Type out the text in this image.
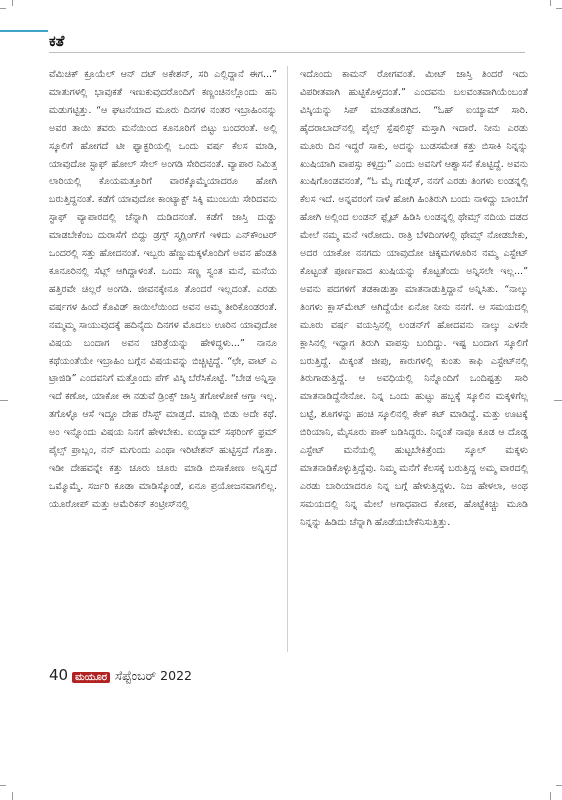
ಕತೆ

ವೆಮಿಚಿಕ್ ಕ್ರೂಯೆಲ್ ಆನ್ ದಟ್ ಅಕೇಶನ್, ಸರಿ ಎಲ್ಲಿದ್ದಾನೆ ಈಗ...” ಮಾತುಗಳಲ್ಲಿ ಭಾವುಕತೆ ಇಣುಕುವುದರೊಂದಿಗೆ ಕಣ್ಣಂಚಿನಲ್ಲೊಂದು ಹನಿ ಮಡುಗಟ್ಟಿತ್ತು. “ಆ ಘಟನೆಯಾದ ಮೂರು ದಿನಗಳ ನಂತರ ಇಬ್ರಾಹಿಂನನ್ನು ಅವರ ತಾಯಿ ತವರು ಮನೆಯಿಂದ ಕೂನೂರಿಗೆ ಬಿಟ್ಟು ಬಂದರಂತೆ. ಅಲ್ಲಿ ಸ್ಕೂಲಿಗೆ ಹೋಗದೆ ಟೀ ಫ್ಯಾಕ್ಟರಿಯಲ್ಲಿ ಒಂದು ವರ್ಷ ಕೆಲಸ ಮಾಡಿ, ಯಾವುದೋ ಸ್ಟಾಫ್ ಹೋಲ್ ಸೇಲ್ ಅಂಗಡಿ ಸೇರಿದನಂತೆ. ವ್ಯಾಪಾರ ನಿಮಿತ್ತ ಲಾರಿಯಲ್ಲಿ ಕೊಯಮತ್ತೂರಿಗೆ ವಾರಕ್ಕೊಮ್ಮೆಯಾದರೂ ಹೋಗಿ ಬರುತ್ತಿದ್ದನಂತೆ. ಕಡೆಗೆ ಯಾವುದೋ ಕಾಂಟ್ಯಾಕ್ಟ್ ಸಿಕ್ಕಿ ಮುಂಬಯಿ ಸೇರಿದವನು ಸ್ಟಾಫ್ ವ್ಯಾಪಾರದಲ್ಲಿ ಚೆನ್ನಾಗಿ ದುಡಿದನಂತೆ. ಕಡೆಗೆ ಜಾಸ್ತಿ ದುಡ್ಡು ಮಾಡಬೇಕೆಂಬ ದುರಾಸೆಗೆ ಬಿದ್ದು ಡ್ರಗ್ಸ್ ಸ್ಮಗ್ಲಿಂಗ್‌ಗೆ ಇಳಿದು ಎನ್‌ಕೌಂಟರ್ ಒಂದರಲ್ಲಿ ಸತ್ತು ಹೋದನಂತೆ. ಇಬ್ಬರು ಹೆಣ್ಣುಮಕ್ಕಳೊಂದಿಗೆ ಅವನ ಹೆಂಡತಿ ಕೂನೂರಿನಲ್ಲಿ ಸೆಟ್ಲ್ ಆಗಿದ್ದಾಳಂತೆ. ಒಂದು ಸಣ್ಣ ಸ್ವಂತ ಮನೆ, ಮನೆಯ ಹತ್ತಿರವೇ ಚಿಲ್ಲರೆ ಅಂಗಡಿ. ಜೀವನಕ್ಕೇನೂ ತೊಂದರೆ ಇಲ್ಲದಂತೆ. ಎರಡು ವರ್ಷಗಳ ಹಿಂದೆ ಕೊವಿಡ್ ಕಾಯಿಲೆಯಿಂದ ಅವನ ಅಮ್ಮ ತೀರಿಕೊಂಡರಂತೆ. ನಮ್ಮಮ್ಮ ಸಾಯುವುದಕ್ಕೆ ಹದಿನೈದು ದಿನಗಳ ಮೊದಲು ಊರಿನ ಯಾವುದೋ ವಿಷಯ ಬಂದಾಗ ಅವನ ಚರಿತ್ರೆಯನ್ನು ಹೇಳಿದ್ದಳು...” ನಾನೂ ಕಥೆಯಂತೆಯೇ ಇಬ್ರಾಹಿಂ ಬಗ್ಗೆನ ವಿಷಯವನ್ನು ಬಿಚ್ಚಿಟ್ಟಿದ್ದೆ. “ಛೇ, ವಾಟ್ ಎ ಟ್ರಾಜಿಡಿ” ಎಂದವನಿಗೆ ಮತ್ತೊಂದು ಪೆಗ್ ವಿಸ್ಕಿ ಬೆರೆಸಿಕೊಟ್ಟೆ. “ಬೇಡ ಅನ್ನಿಸ್ತಾ ಇದೆ ಕಣೋ, ಯಾಕೋ ಈ ನಡುವೆ ಡ್ರಿಂಕ್ಸ್ ಜಾಸ್ತಿ ತಗೋಳೋಕೆ ಆಗ್ತಾ ಇಲ್ಲ. ತಗೊಳ್ಳೊ ಆಸೆ ಇದ್ದೂ ದೇಹ ರೆಸಿಸ್ಟ್ ಮಾಡ್ತದೆ. ಮಾಡ್ಲಿ ಬಿಡು ಅದೇ ಕಥೆ. ಅಂ ಇನ್ನೊಂದು ವಿಷಯ ನಿನಗೆ ಹೇಳಬೇಕು. ಐಯ್ಯಾಮ್ ಸಫರಿಂಗ್ ಫ್ರಮ್ ಪೈಲ್ಸ್ ಪ್ರಾಬ್ಲಂ, ನನ್ ಮಗುಂದು ಎಂಥಾ ಇರಿಟೇಶನ್ ಹುಟ್ಟಿಸ್ತದೆ ಗೊತ್ತಾ. ಇಡೀ ದೇಹವನ್ನೇ ಕತ್ತು ಚೂರು ಚೂರು ಮಾಡಿ ಬಿಸಾಕೋಣ ಅನ್ನಿಸ್ತದೆ ಒಮ್ಮೊಮ್ಮೆ. ಸರ್ಜರಿ ಕೂಡಾ ಮಾಡಿಸ್ಕೊಂಡೆ, ಏನೂ ಪ್ರಯೋಜನವಾಗಲಿಲ್ಲ. ಯೂರೋಪ್ ಮತ್ತು ಅಮೆರಿಕನ್ ಕಂಟ್ರೀಸ್‌ನಲ್ಲಿ

ಇದೊಂದು ಕಾಮನ್ ರೋಗವಂತೆ. ಮೀಟ್ ಜಾಸ್ತಿ ತಿಂದರೆ ಇದು ವಿಪರೀತವಾಗಿ ಹುಟ್ಟಿಕೊಳ್ತದಂತೆ.” ಎಂದವನು ಬಲವಂತವಾಗಿಯೆಂಬಂತೆ ವಿಸ್ಕಿಯನ್ನು ಸಿಪ್ ಮಾಡತೊಡಗಿದ. “ಓಹ್ ಐಯ್ಯಾಮ್ ಸಾರಿ. ಹೈದರಾಬಾದ್‌ನಲ್ಲಿ ಪೈಲ್ಸ್ ಸ್ಪೆಷಲಿಸ್ಟ್ ಮಸ್ತಾಗಿ ಇದಾರೆ. ನೀನು ಎರಡು ಮೂರು ದಿನ ಇದ್ದರೆ ಸಾಕು, ಅದನ್ನು ಬುಡಸಮೇತ ಕತ್ತು ಬಿಸಾಕಿ ನಿನ್ನನ್ನು ಖುಷಿಯಾಗಿ ವಾಪಸ್ಸು ಕಳ್ಸಿದ್ರು” ಎಂದು ಅವನಿಗೆ ಆಶ್ವಾಸನೆ ಕೊಟ್ಟಿದ್ದೆ. ಅವನು ಖುಷಿಗೊಂಡವನಂತೆ, “ಓ ಮೈ ಗುಡ್ನೆಸ್, ನನಗೆ ಎರಡು ತಿಂಗಳು ಲಂಡನ್ನಲ್ಲಿ ಕೆಲಸ ಇದೆ. ಅನ್ನವರಂಗೆ ನಾಳೆ ಹೋಗಿ ಹಿಂತಿರುಗಿ ಬಂದು ನಾಳಿದ್ದು ಬಾಂಬೆಗೆ ಹೋಗಿ ಅಲ್ಲಿಂದ ಲಂಡನ್ ಫ್ಲೈಟ್ ಹಿಡಿಸಿ ಲಂಡನ್ನಲ್ಲಿ ಥೇಮ್ಸ್ ನದಿಯ ದಡದ ಮೇಲೆ ನಮ್ಮ ಮನೆ ಇರೋದು. ರಾತ್ರಿ ಬೆಳದಿಂಗಳಲ್ಲಿ ಥೇಮ್ಸ್ ನೋಡಬೇಕು, ಅದರ ಯಾಕೋ ನನಗದು ಯಾವುದೋ ಚಿಕ್ಕಮಗಳೂರಿನ ನಮ್ಮ ಎಸ್ಟೇಟ್ ಕೊಟ್ಟಂತೆ ಪೂರ್ಣವಾದ ಖುಷಿಯನ್ನು ಕೊಟ್ಟತೆಂದು ಅನ್ನಿಸಲೇ ಇಲ್ಲ...” ಅವನು ಪದಗಳಿಗೆ ತಡಕಾಡುತ್ತಾ ಮಾತನಾಡುತ್ತಿದ್ದಾನೆ ಅನ್ನಿಸಿತು. “ನಾಲ್ಕು ತಿಂಗಳು ಕ್ಲಾಸ್‌ಮೇಟ್ ಆಗಿದ್ದೆಯೇ ಏನೋ ನೀನು ನನಗೆ. ಆ ಸಮಯದಲ್ಲಿ ಮೂರು ವರ್ಷ ವಯಸ್ಸಿನಲ್ಲಿ ಲಂಡನ್‌ಗೆ ಹೋದವನು ನಾಲ್ಕು ಎಳನೇ ಕ್ಲಾಸಿನಲ್ಲಿ ಇದ್ದಾಗ ತಿರುಗಿ ವಾಪಸ್ಸು ಬಂದಿದ್ದು. ಇಷ್ಟ ಬಂದಾಗ ಸ್ಕೂಲಿಗೆ ಬರುತ್ತಿದ್ದೆ. ಮಿಕ್ಕಂತೆ ಜೀಪು, ಕಾರುಗಳಲ್ಲಿ ಕುಂತು ಕಾಫಿ ಎಸ್ಟೇಟ್‌ನಲ್ಲಿ ತಿರುಗಾಡುತ್ತಿದ್ದೆ. ಆ ಅವಧಿಯಲ್ಲಿ ನಿನ್ನೊಂದಿಗೆ ಒಂದಿಷ್ಟತ್ತು ಸಾರಿ ಮಾತನಾಡಿದ್ದೆನೇನೋ. ನಿನ್ನ ಒಂದು ಹುಟ್ಟು ಹಬ್ಬಕ್ಕೆ ಸ್ಕೂಲಿನ ಮಕ್ಕಳಿಗೆಲ್ಲ ಬಟ್ಟೆ, ಶೂಗಳನ್ನು ಹಂಚಿ ಸ್ಕೂಲಿನಲ್ಲಿ ಕೇಕ್ ಕಟ್ ಮಾಡಿದ್ದೆ. ಮತ್ತು ಊಟಕ್ಕೆ ಬಿರಿಯಾನಿ, ಮೈಸೂರು ಪಾಕ್ ಬಡಿಸಿದ್ದರು. ನಿನ್ನಂತೆ ನಾವೂ ಕೂಡ ಆ ದೊಡ್ಡ ಎಸ್ಟೇಟ್ ಮನೆಯಲ್ಲಿ ಹುಟ್ಟಬೇಕಿತ್ತೆಂದು ಸ್ಕೂಲ್ ಮಕ್ಕಳು ಮಾತನಾಡಿಕೊಳ್ಳುತ್ತಿದ್ದೆವು. ನಿಮ್ಮ ಮನೆಗೆ ಕೆಲಸಕ್ಕೆ ಬರುತ್ತಿದ್ದ ಅಮ್ಮ ವಾರದಲ್ಲಿ ಎರಡು ಬಾರಿಯಾದರೂ ನಿನ್ನ ಬಗ್ಗೆ ಹೇಳುತ್ತಿದ್ದಳು. ನಿಜ ಹೇಳಲಾ, ಅಂಥ ಸಮಯದಲ್ಲಿ ನಿನ್ನ ಮೇಲೆ ಅಗಾಧವಾದ ಕೋಪ, ಹೊಟ್ಟೆಕಿಚ್ಚು ಮೂಡಿ ನಿನ್ನನ್ನು ಹಿಡಿದು ಚೆನ್ನಾಗಿ ಹೊಡೆಯಬೇಕೆನಿಸುತ್ತಿತ್ತು.

40 ಮಯೂರ ಸೆಪ್ಟೆಂಬರ್ 2022
